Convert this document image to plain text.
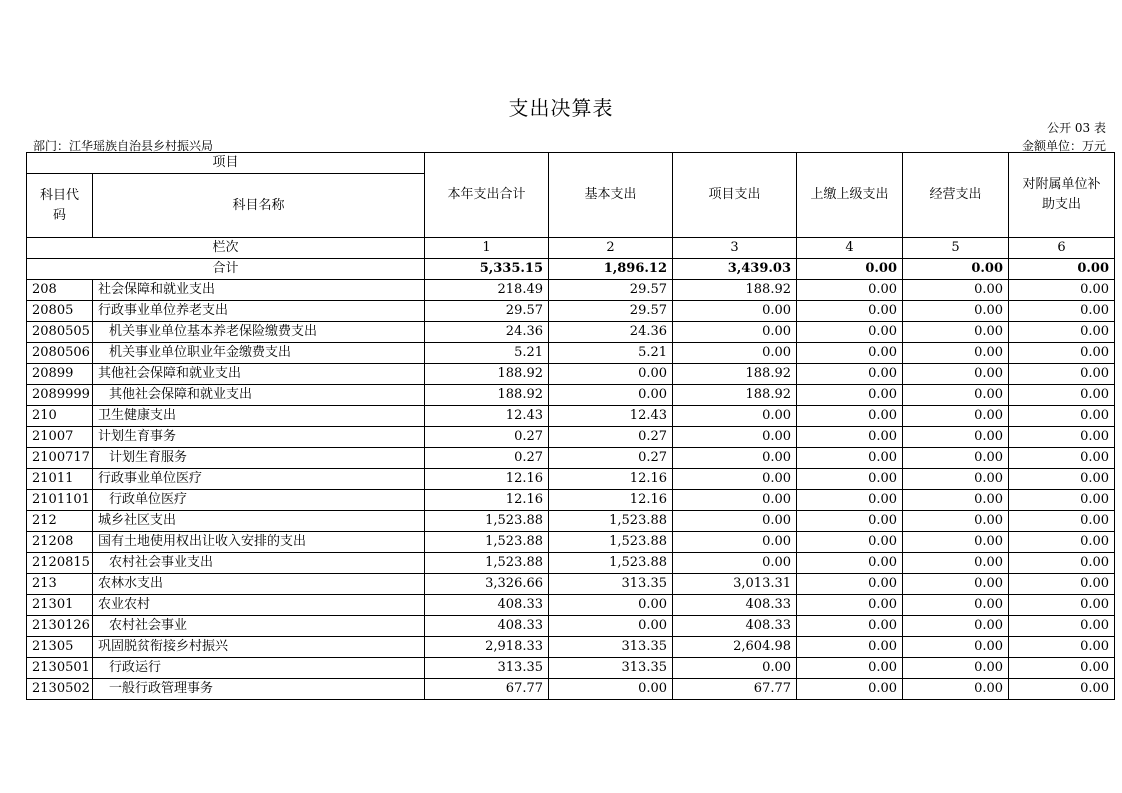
支出决算表
公开 03 表
部门：江华瑶族自治县乡村振兴局	金额单位：万元
项目		本年支出合计	基本支出	项目支出	上缴上级支出	经营支出	对附属单位补助支出
科目代码	科目名称						
栏次		1	2	3	4	5	6
合计		5,335.15	1,896.12	3,439.03	0.00	0.00	0.00
208	社会保障和就业支出	218.49	29.57	188.92	0.00	0.00	0.00
20805	行政事业单位养老支出	29.57	29.57	0.00	0.00	0.00	0.00
2080505	机关事业单位基本养老保险缴费支出	24.36	24.36	0.00	0.00	0.00	0.00
2080506	机关事业单位职业年金缴费支出	5.21	5.21	0.00	0.00	0.00	0.00
20899	其他社会保障和就业支出	188.92	0.00	188.92	0.00	0.00	0.00
2089999	其他社会保障和就业支出	188.92	0.00	188.92	0.00	0.00	0.00
210	卫生健康支出	12.43	12.43	0.00	0.00	0.00	0.00
21007	计划生育事务	0.27	0.27	0.00	0.00	0.00	0.00
2100717	计划生育服务	0.27	0.27	0.00	0.00	0.00	0.00
21011	行政事业单位医疗	12.16	12.16	0.00	0.00	0.00	0.00
2101101	行政单位医疗	12.16	12.16	0.00	0.00	0.00	0.00
212	城乡社区支出	1,523.88	1,523.88	0.00	0.00	0.00	0.00
21208	国有土地使用权出让收入安排的支出	1,523.88	1,523.88	0.00	0.00	0.00	0.00
2120815	农村社会事业支出	1,523.88	1,523.88	0.00	0.00	0.00	0.00
213	农林水支出	3,326.66	313.35	3,013.31	0.00	0.00	0.00
21301	农业农村	408.33	0.00	408.33	0.00	0.00	0.00
2130126	农村社会事业	408.33	0.00	408.33	0.00	0.00	0.00
21305	巩固脱贫衔接乡村振兴	2,918.33	313.35	2,604.98	0.00	0.00	0.00
2130501	行政运行	313.35	313.35	0.00	0.00	0.00	0.00
2130502	一般行政管理事务	67.77	0.00	67.77	0.00	0.00	0.00
